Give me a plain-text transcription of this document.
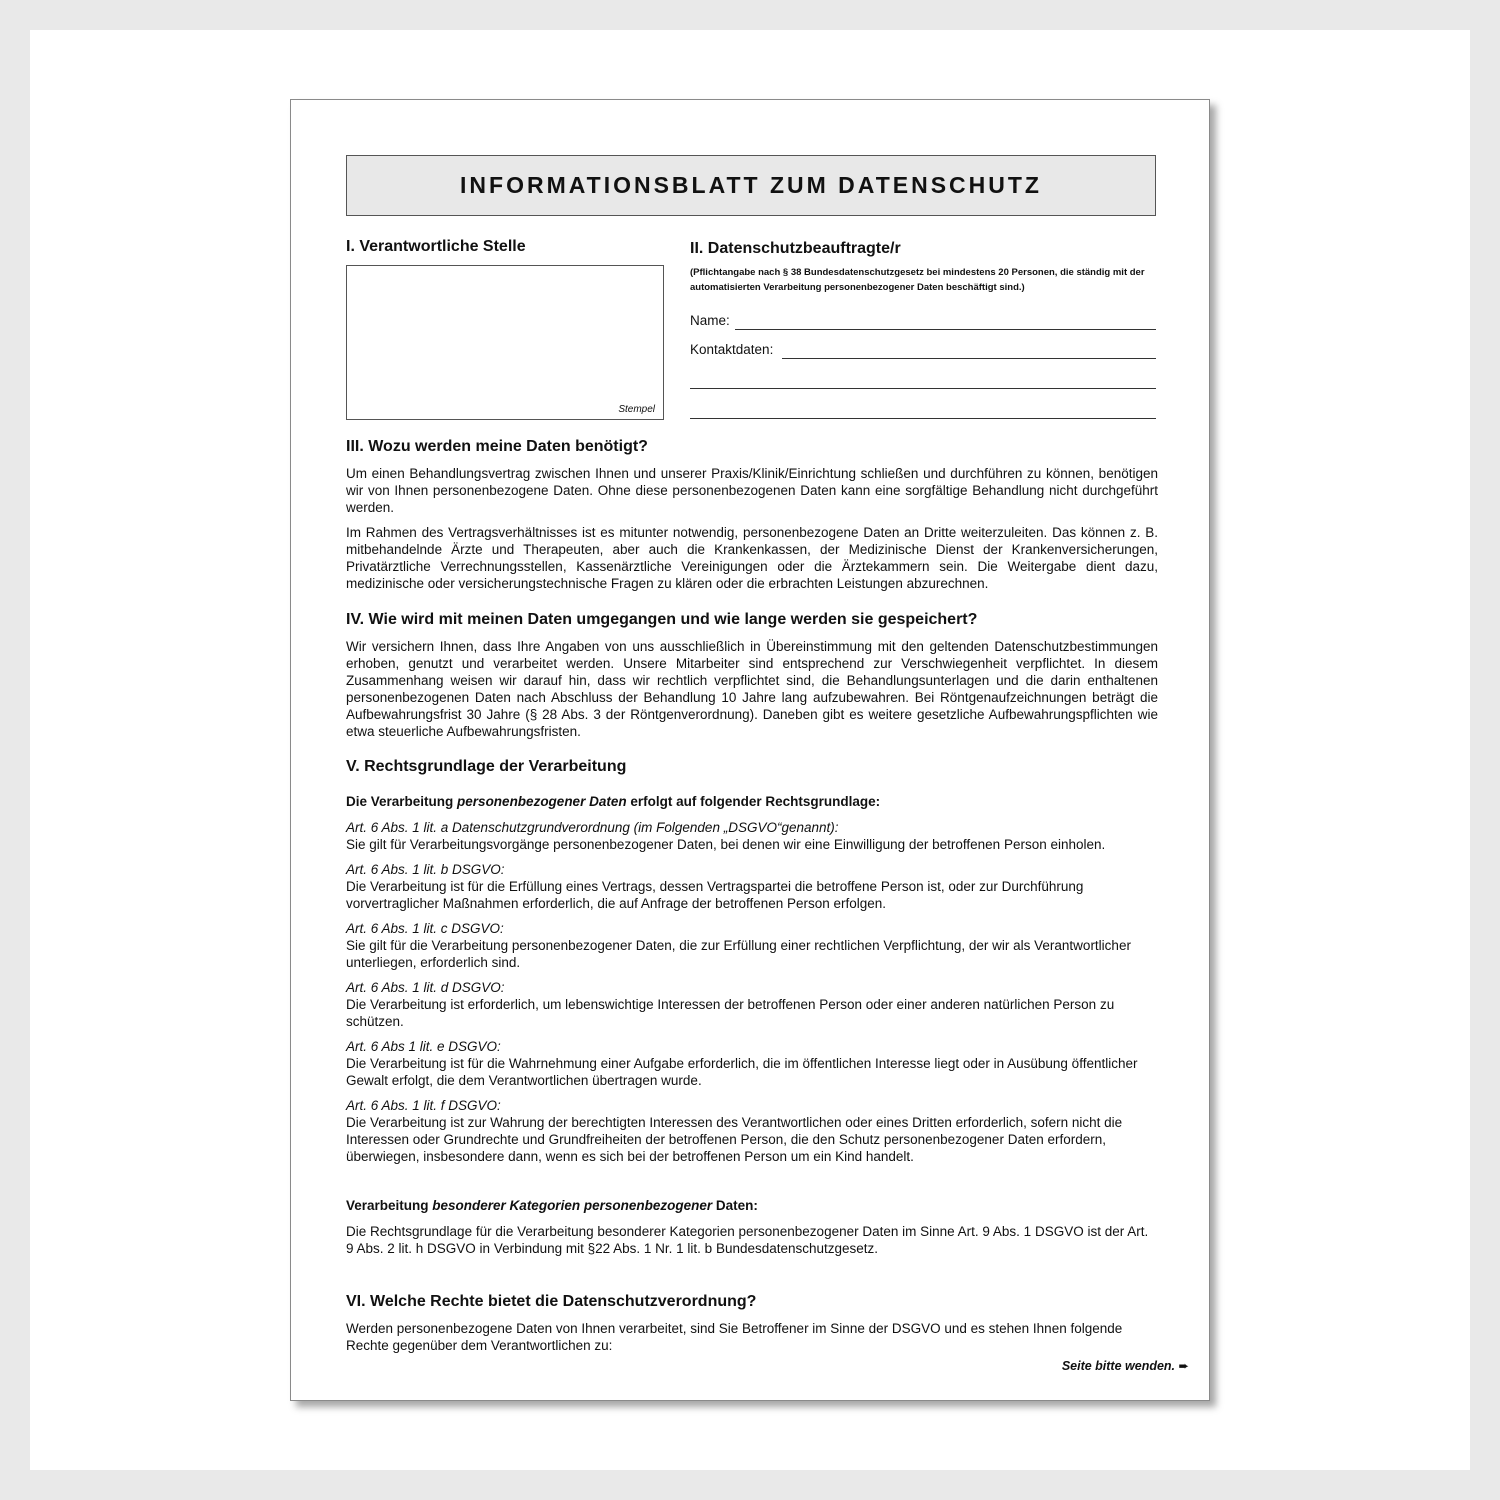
INFORMATIONSBLATT ZUM DATENSCHUTZ
I. Verantwortliche Stelle
Stempel
II. Datenschutzbeauftragte/r
(Pflichtangabe nach § 38 Bundesdatenschutzgesetz bei mindestens 20 Personen, die ständig mit der automatisierten Verarbeitung personenbezogener Daten beschäftigt sind.)
Name:
Kontaktdaten:
III. Wozu werden meine Daten benötigt?
Um einen Behandlungsvertrag zwischen Ihnen und unserer Praxis/Klinik/Einrichtung schließen und durchführen zu können, benötigen wir von Ihnen personenbezogene Daten. Ohne diese personenbezogenen Daten kann eine sorgfältige Behandlung nicht durchgeführt werden.
Im Rahmen des Vertragsverhältnisses ist es mitunter notwendig, personenbezogene Daten an Dritte weiterzuleiten. Das können z. B. mitbehandelnde Ärzte und Therapeuten, aber auch die Krankenkassen, der Medizinische Dienst der Krankenversicherungen, Privatärztliche Verrechnungsstellen, Kassenärztliche Vereinigungen oder die Ärztekammern sein. Die Weitergabe dient dazu, medizinische oder versicherungstechnische Fragen zu klären oder die erbrachten Leistungen abzurechnen.
IV. Wie wird mit meinen Daten umgegangen und wie lange werden sie gespeichert?
Wir versichern Ihnen, dass Ihre Angaben von uns ausschließlich in Übereinstimmung mit den geltenden Datenschutzbestimmungen erhoben, genutzt und verarbeitet werden. Unsere Mitarbeiter sind entsprechend zur Verschwiegenheit verpflichtet. In diesem Zusammenhang weisen wir darauf hin, dass wir rechtlich verpflichtet sind, die Behandlungsunterlagen und die darin enthaltenen personenbezogenen Daten nach Abschluss der Behandlung 10 Jahre lang aufzubewahren. Bei Röntgenaufzeichnungen beträgt die Aufbewahrungsfrist 30 Jahre (§ 28 Abs. 3 der Röntgenverordnung). Daneben gibt es weitere gesetzliche Aufbewahrungspflichten wie etwa steuerliche Aufbewahrungsfristen.
V. Rechtsgrundlage der Verarbeitung
Die Verarbeitung personenbezogener Daten erfolgt auf folgender Rechtsgrundlage:
Art. 6 Abs. 1 lit. a Datenschutzgrundverordnung (im Folgenden „DSGVO“genannt):
Sie gilt für Verarbeitungsvorgänge personenbezogener Daten, bei denen wir eine Einwilligung der betroffenen Person einholen.
Art. 6 Abs. 1 lit. b DSGVO:
Die Verarbeitung ist für die Erfüllung eines Vertrags, dessen Vertragspartei die betroffene Person ist, oder zur Durchführung vorvertraglicher Maßnahmen erforderlich, die auf Anfrage der betroffenen Person erfolgen.
Art. 6 Abs. 1 lit. c DSGVO:
Sie gilt für die Verarbeitung personenbezogener Daten, die zur Erfüllung einer rechtlichen Verpflichtung, der wir als Verantwortlicher unterliegen, erforderlich sind.
Art. 6 Abs. 1 lit. d DSGVO:
Die Verarbeitung ist erforderlich, um lebenswichtige Interessen der betroffenen Person oder einer anderen natürlichen Person zu schützen.
Art. 6 Abs 1 lit. e DSGVO:
Die Verarbeitung ist für die Wahrnehmung einer Aufgabe erforderlich, die im öffentlichen Interesse liegt oder in Ausübung öffentlicher Gewalt erfolgt, die dem Verantwortlichen übertragen wurde.
Art. 6 Abs. 1 lit. f DSGVO:
Die Verarbeitung ist zur Wahrung der berechtigten Interessen des Verantwortlichen oder eines Dritten erforderlich, sofern nicht die Interessen oder Grundrechte und Grundfreiheiten der betroffenen Person, die den Schutz personenbezogener Daten erfordern, überwiegen, insbesondere dann, wenn es sich bei der betroffenen Person um ein Kind handelt.
Verarbeitung besonderer Kategorien personenbezogener Daten:
Die Rechtsgrundlage für die Verarbeitung besonderer Kategorien personenbezogener Daten im Sinne Art. 9 Abs. 1 DSGVO ist der Art. 9 Abs. 2 lit. h DSGVO in Verbindung mit §22 Abs. 1 Nr. 1 lit. b Bundesdatenschutzgesetz.
VI. Welche Rechte bietet die Datenschutzverordnung?
Werden personenbezogene Daten von Ihnen verarbeitet, sind Sie Betroffener im Sinne der DSGVO und es stehen Ihnen folgende Rechte gegenüber dem Verantwortlichen zu:
Seite bitte wenden. ➨
